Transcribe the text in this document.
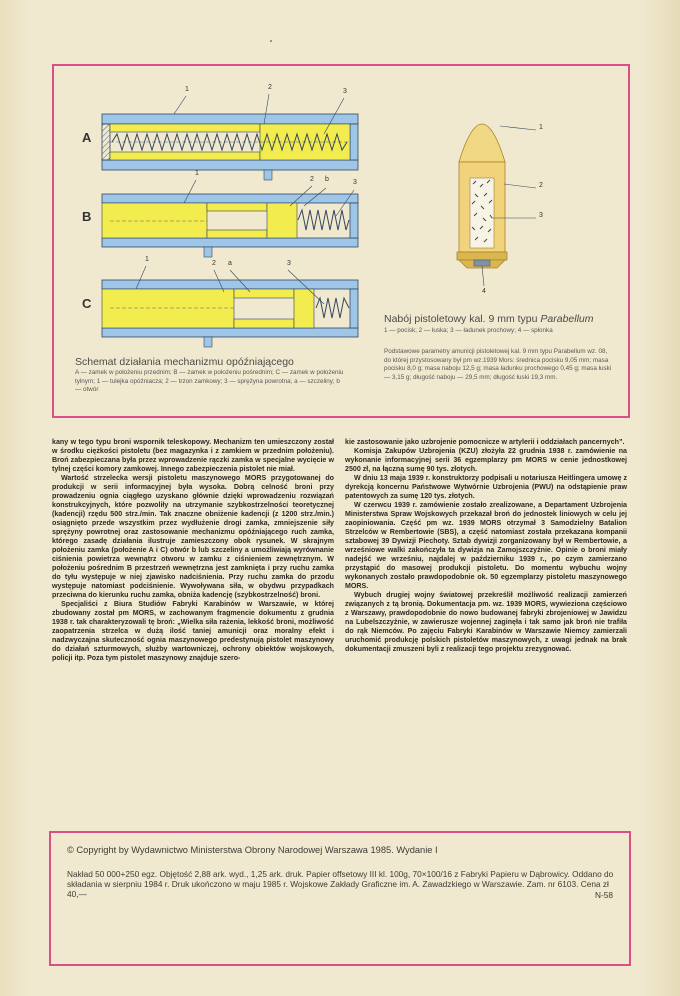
A
B
C
1	2
3
1
2 b	3
1
2 a	3
1
2
3
4
Schemat działania mechanizmu opóźniającego
A — zamek w położeniu przednim; B — zamek w położeniu pośrednim; C — zamek w położeniu tylnym; 1 — tulejka opóźniacza; 2 — trzon zamkowy; 3 — sprężyna powrotna; a — szczeliny; b — otwór
Nabój pistoletowy kal. 9 mm typu Parabellum
1 — pocisk; 2 — łuska; 3 — ładunek prochowy; 4 — spłonka
Podstawowe parametry amunicji pistoletowej kal. 9 mm typu Parabellum wz. 08, do której przystosowany był pm wz.1939 Mors: średnica pocisku 9,05 mm; masa pocisku 8,0 g; masa naboju 12,5 g; masa ładunku prochowego 0,45 g; masa łuski — 3,15 g; długość naboju — 29,5 mm; długość łuski 19,3 mm.

kany w tego typu broni wspornik teleskopowy. Mechanizm ten umieszczony został w środku ciężkości pistoletu (bez magazynka i z zamkiem w przednim położeniu). Broń zabezpieczana była przez wprowadzenie rączki zamka w specjalne wycięcie w tylnej części komory zamkowej. Innego zabezpieczenia pistolet nie miał.

Wartość strzelecka wersji pistoletu maszynowego MORS przygotowanej do produkcji w serii informacyjnej była wysoka. Dobrą celność broni przy prowadzeniu ognia ciągłego uzyskano głównie dzięki wprowadzeniu rozwiązań konstrukcyjnych, które pozwoliły na utrzymanie szybkostrzelności teoretycznej (kadencji) rzędu 500 strz./min. Tak znaczne obniżenie kadencji (z 1200 strz./min.) osiągnięto przede wszystkim przez wydłużenie drogi zamka, zmniejszenie siły sprężyny powrotnej oraz zastosowanie mechanizmu opóźniającego ruch zamka, którego zasadę działania ilustruje zamieszczony obok rysunek. W skrajnym położeniu zamka (położenie A i C) otwór b lub szczeliny a umożliwiają wyrównanie ciśnienia powietrza wewnątrz otworu w zamku z ciśnieniem zewnętrznym. W położeniu pośrednim B przestrzeń wewnętrzna jest zamknięta i przy ruchu zamka do tyłu występuje w niej zjawisko nadciśnienia. Przy ruchu zamka do przodu występuje natomiast podciśnienie. Wywoływana siła, w obydwu przypadkach przeciwna do kierunku ruchu zamka, obniża kadencję (szybkostrzelność) broni.

Specjaliści z Biura Studiów Fabryki Karabinów w Warszawie, w której zbudowany został pm MORS, w zachowanym fragmencie dokumentu z grudnia 1938 r. tak charakteryzowali tę broń: „Wielka siła rażenia, lekkość broni, możliwość zaopatrzenia strzelca w dużą ilość taniej amunicji oraz moralny efekt i nadzwyczajna skuteczność ognia maszynowego predestynują pistolet maszynowy do działań szturmowych, służby wartowniczej, ochrony obiektów wojskowych, policji itp. Poza tym pistolet maszynowy znajduje szero-

kie zastosowanie jako uzbrojenie pomocnicze w artylerii i oddziałach pancernych”.

Komisja Zakupów Uzbrojenia (KZU) złożyła 22 grudnia 1938 r. zamówienie na wykonanie informacyjnej serii 36 egzemplarzy pm MORS w cenie jednostkowej 2500 zł, na łączną sumę 90 tys. złotych.

W dniu 13 maja 1939 r. konstruktorzy podpisali u notariusza Heitlingera umowę z dyrekcją koncernu Państwowe Wytwórnie Uzbrojenia (PWU) na odstąpienie praw patentowych za sumę 120 tys. złotych.

W czerwcu 1939 r. zamówienie zostało zrealizowane, a Departament Uzbrojenia Ministerstwa Spraw Wojskowych przekazał broń do jednostek liniowych w celu jej zaopiniowania. Część pm wz. 1939 MORS otrzymał 3 Samodzielny Batalion Strzelców w Rembertowie (SBS), a część natomiast została przekazana kompanii sztabowej 39 Dywizji Piechoty. Sztab dywizji zorganizowany był w Rembertowie, a wrześniowe walki zakończyła ta dywizja na Zamojszczyźnie. Opinie o broni miały nadejść we wrześniu, najdalej w październiku 1939 r., po czym zamierzano przystąpić do masowej produkcji pistoletu. Do momentu wybuchu wojny wykonanych zostało prawdopodobnie ok. 50 egzemplarzy pistoletu maszynowego MORS.

Wybuch drugiej wojny światowej przekreślił możliwość realizacji zamierzeń związanych z tą bronią. Dokumentacja pm. wz. 1939 MORS, wywieziona częściowo z Warszawy, prawdopodobnie do nowo budowanej fabryki zbrojeniowej w Jawidzu na Lubelszczyźnie, w zawierusze wojennej zaginęła i tak samo jak broń nie trafiła do rąk Niemców. Po zajęciu Fabryki Karabinów w Warszawie Niemcy zamierzali uruchomić produkcję polskich pistoletów maszynowych, z uwagi jednak na brak dokumentacji zmuszeni byli z realizacji tego projektu zrezygnować.

© Copyright by Wydawnictwo Ministerstwa Obrony Narodowej Warszawa 1985. Wydanie I
Nakład 50 000+250 egz. Objętość 2,88 ark. wyd., 1,25 ark. druk. Papier offsetowy III kl. 100g, 70×100/16 z Fabryki Papieru w Dąbrowicy. Oddano do składania w sierpniu 1984 r. Druk ukończono w maju 1985 r. Wojskowe Zakłady Graficzne im. A. Zawadzkiego w Warszawie. Zam. nr 6103. Cena zł 40,—	N-58
